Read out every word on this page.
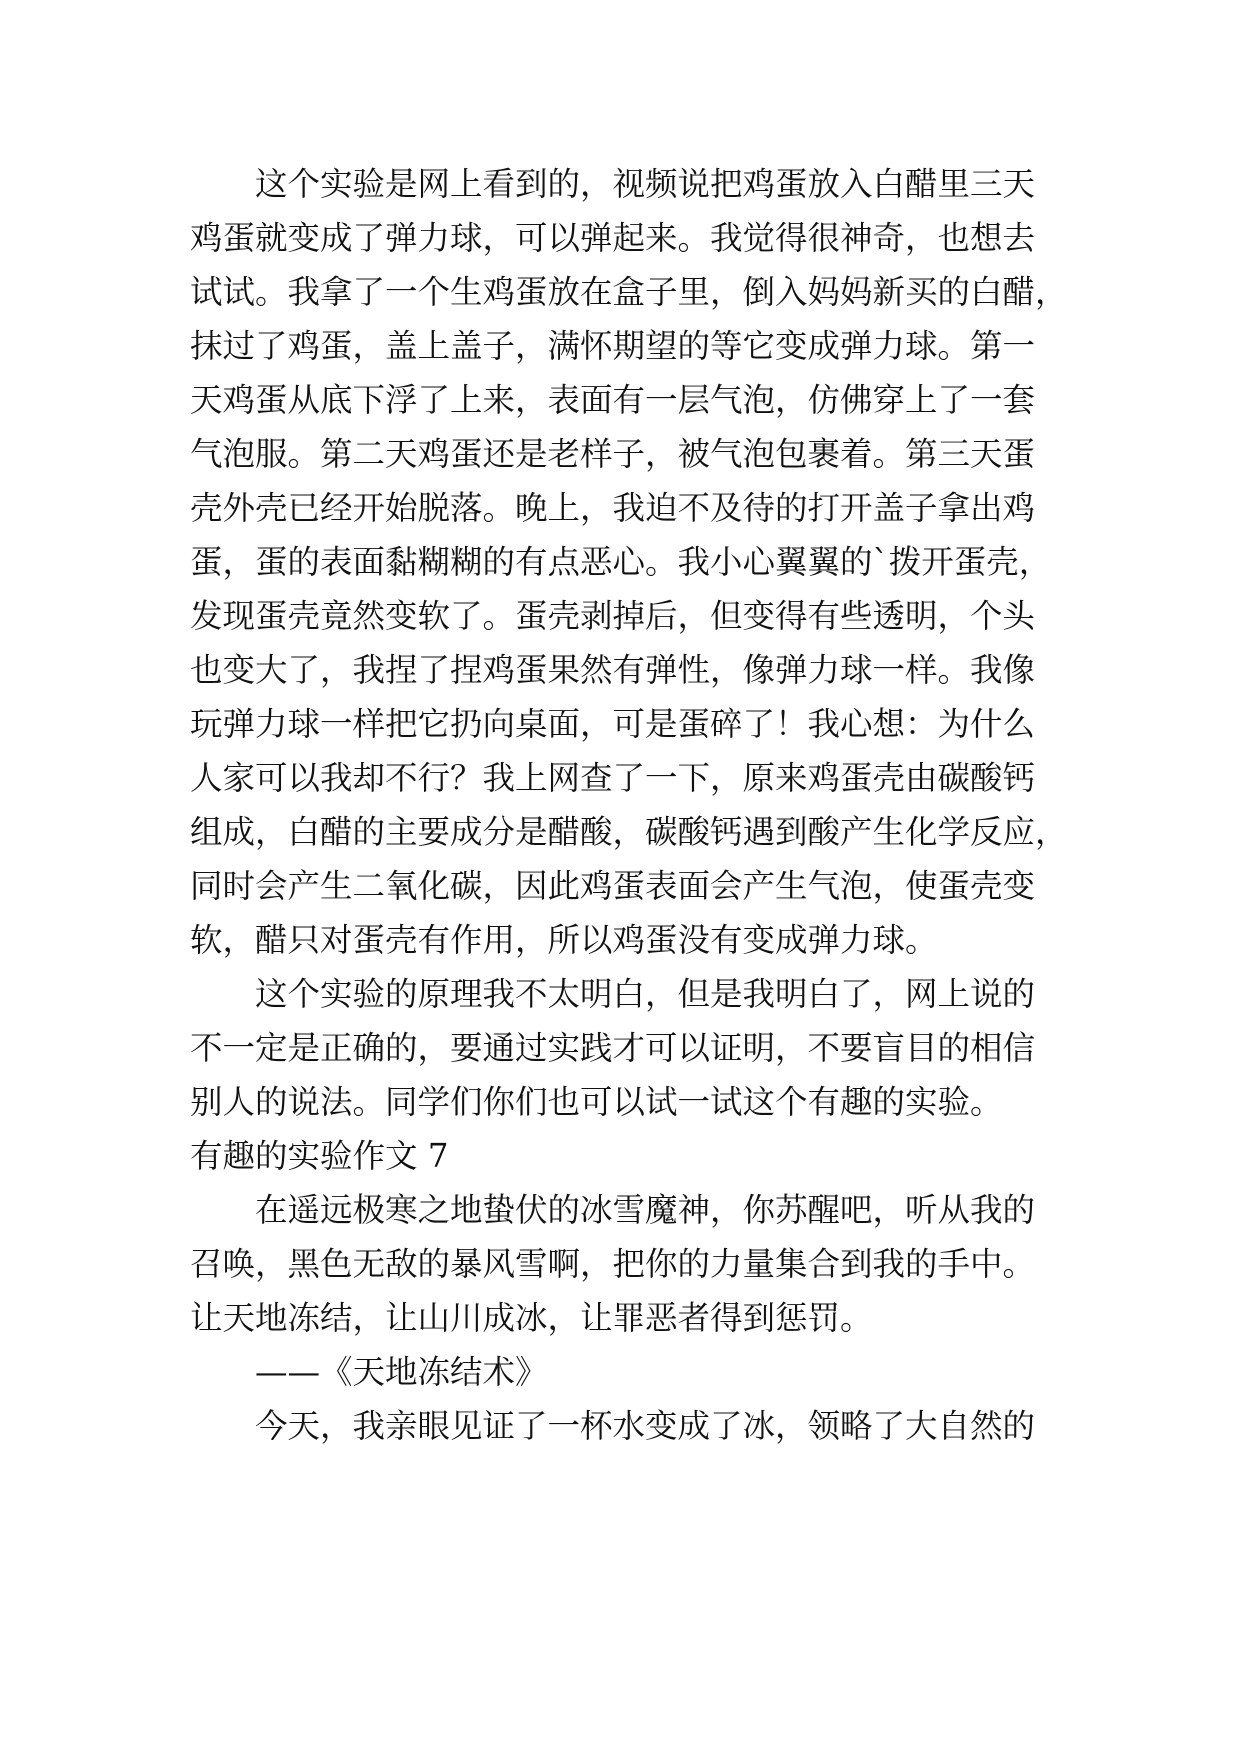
这个实验是网上看到的，视频说把鸡蛋放入白醋里三天
鸡蛋就变成了弹力球，可以弹起来。我觉得很神奇，也想去
试试。我拿了一个生鸡蛋放在盒子里，倒入妈妈新买的白醋，
抹过了鸡蛋，盖上盖子，满怀期望的等它变成弹力球。第一
天鸡蛋从底下浮了上来，表面有一层气泡，仿佛穿上了一套
气泡服。第二天鸡蛋还是老样子，被气泡包裹着。第三天蛋
壳外壳已经开始脱落。晚上，我迫不及待的打开盖子拿出鸡
蛋，蛋的表面黏糊糊的有点恶心。我小心翼翼的`拨开蛋壳，
发现蛋壳竟然变软了。蛋壳剥掉后，但变得有些透明，个头
也变大了，我捏了捏鸡蛋果然有弹性，像弹力球一样。我像
玩弹力球一样把它扔向桌面，可是蛋碎了！我心想：为什么
人家可以我却不行？我上网查了一下，原来鸡蛋壳由碳酸钙
组成，白醋的主要成分是醋酸，碳酸钙遇到酸产生化学反应，
同时会产生二氧化碳，因此鸡蛋表面会产生气泡，使蛋壳变
软，醋只对蛋壳有作用，所以鸡蛋没有变成弹力球。

这个实验的原理我不太明白，但是我明白了，网上说的
不一定是正确的，要通过实践才可以证明，不要盲目的相信
别人的说法。同学们你们也可以试一试这个有趣的实验。

有趣的实验作文 7

在遥远极寒之地蛰伏的冰雪魔神，你苏醒吧，听从我的
召唤，黑色无敌的暴风雪啊，把你的力量集合到我的手中。
让天地冻结，让山川成冰，让罪恶者得到惩罚。

——《天地冻结术》

今天，我亲眼见证了一杯水变成了冰，领略了大自然的
